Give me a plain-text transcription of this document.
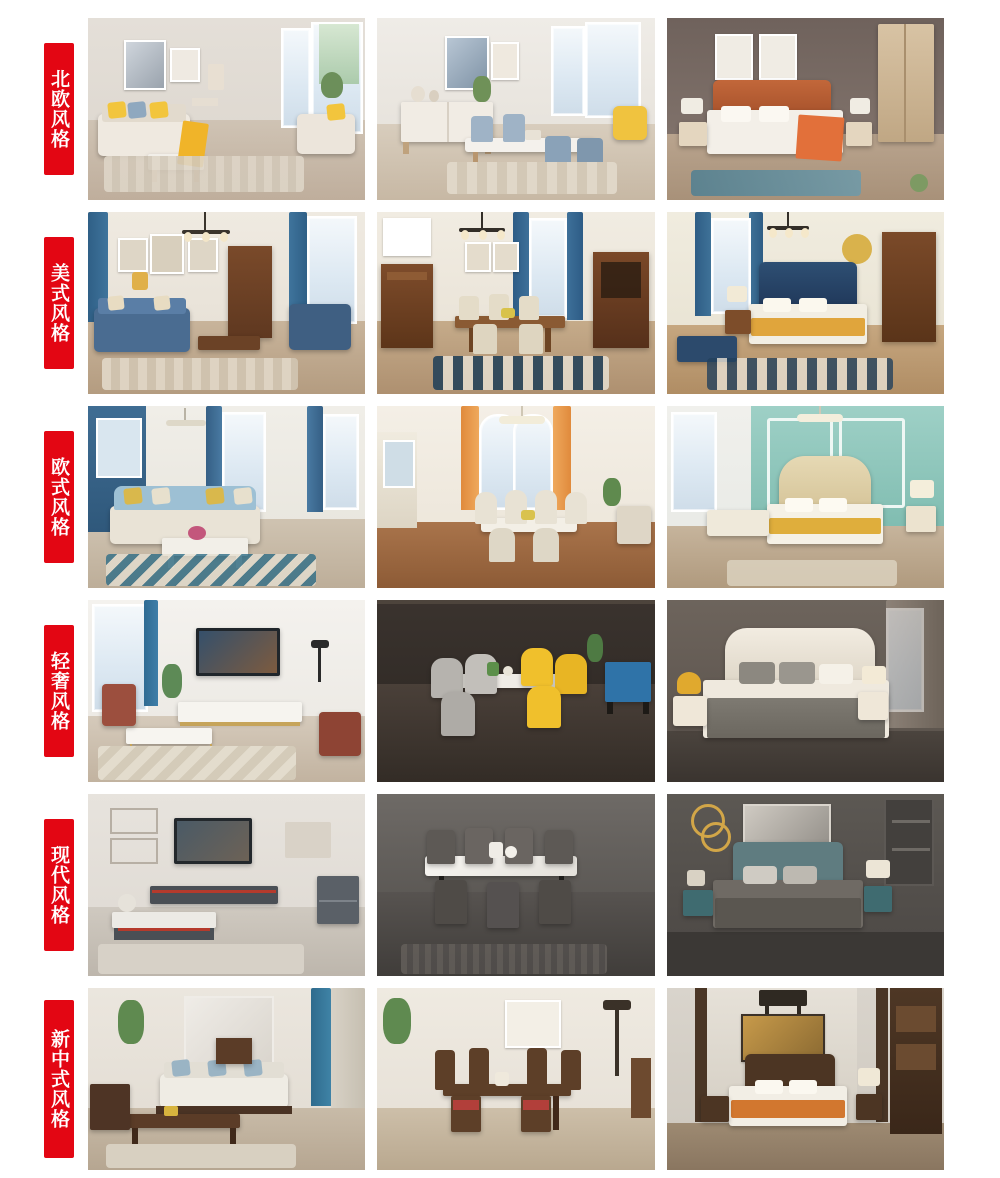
北欧风格
美式风格
欧式风格
轻奢风格
现代风格
新中式风格
